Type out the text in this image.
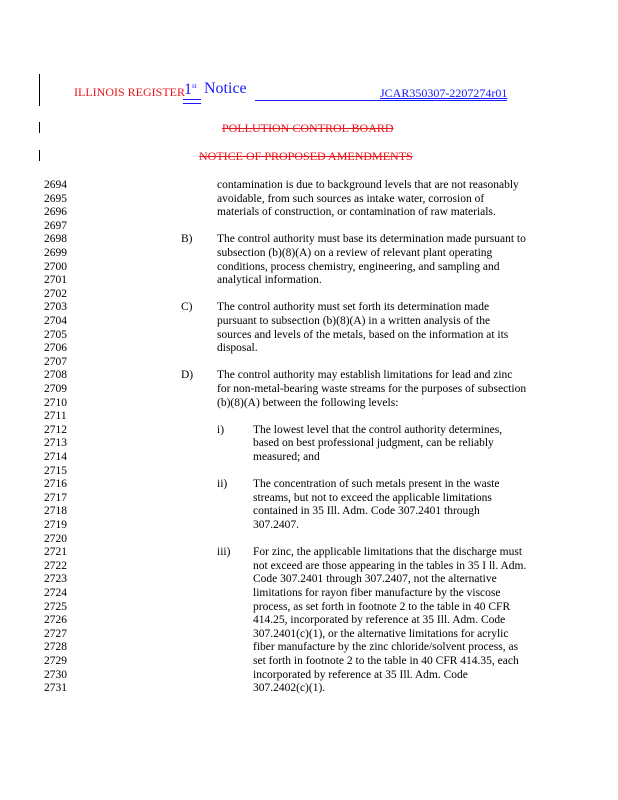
ILLINOIS REGISTER 1st Notice	JCAR350307-2207274r01
POLLUTION CONTROL BOARD
NOTICE OF PROPOSED AMENDMENTS
2694
2695
2696
2697
2698
2699
2700
2701
2702
2703
2704
2705
2706
2707
2708
2709
2710
2711
2712
2713
2714
2715
2716
2717
2718
2719
2720
2721
2722
2723
2724
2725
2726
2727
2728
2729
2730
2731
contamination is due to background levels that are not reasonably
avoidable, from such sources as intake water, corrosion of
materials of construction, or contamination of raw materials.
B) The control authority must base its determination made pursuant to
subsection (b)(8)(A) on a review of relevant plant operating
conditions, process chemistry, engineering, and sampling and
analytical information.
C) The control authority must set forth its determination made
pursuant to subsection (b)(8)(A) in a written analysis of the
sources and levels of the metals, based on the information at its
disposal.
D) The control authority may establish limitations for lead and zinc
for non-metal-bearing waste streams for the purposes of subsection
(b)(8)(A) between the following levels:
i)	The lowest level that the control authority determines,
based on best professional judgment, can be reliably
measured; and
ii) The concentration of such metals present in the waste
streams, but not to exceed the applicable limitations
contained in 35 Ill. Adm. Code 307.2401 through
307.2407.
iii) For zinc, the applicable limitations that the discharge must
not exceed are those appearing in the tables in 35 I ll. Adm.
Code 307.2401 through 307.2407, not the alternative
limitations for rayon fiber manufacture by the viscose
process, as set forth in footnote 2 to the table in 40 CFR
414.25, incorporated by reference at 35 Ill. Adm. Code
307.2401(c)(1), or the alternative limitations for acrylic
fiber manufacture by the zinc chloride/solvent process, as
set forth in footnote 2 to the table in 40 CFR 414.35, each
incorporated by reference at 35 Ill. Adm. Code
307.2402(c)(1).
